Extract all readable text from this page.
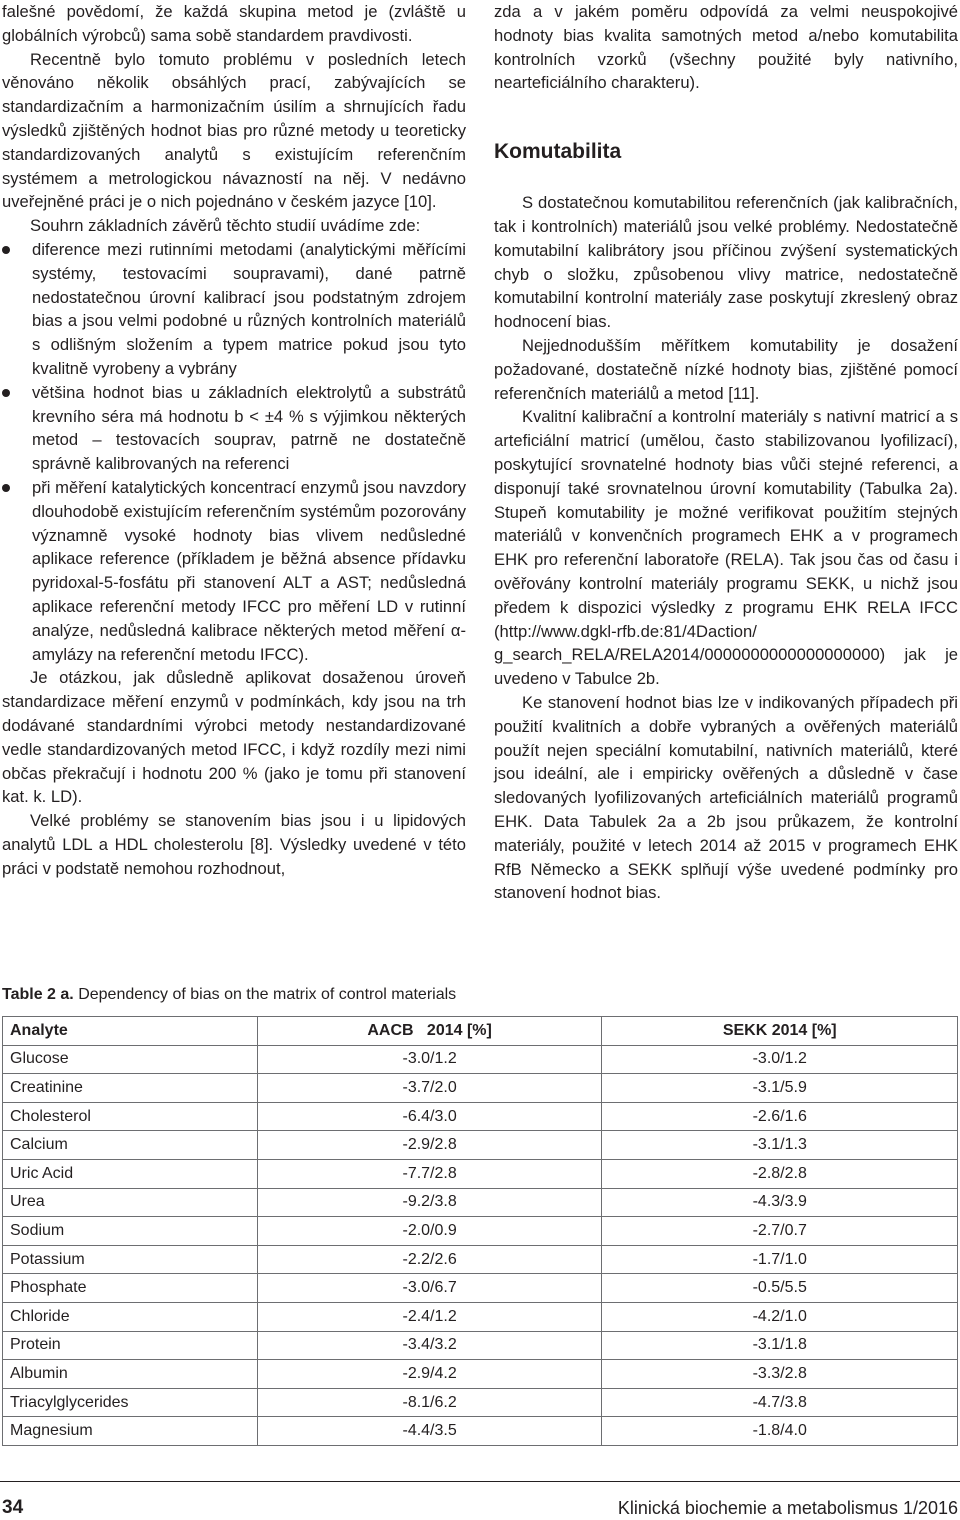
falešné povědomí, že každá skupina metod je (zvláště u globálních výrobců) sama sobě standardem pravdivosti.

Recentně bylo tomuto problému v posledních letech věnováno několik obsáhlých prací, zabývajících se standardizačním a harmonizačním úsilím a shrnujících řadu výsledků zjištěných hodnot bias pro různé metody u teoreticky standardizovaných analytů s existujícím referenčním systémem a metrologickou návazností na něj. V nedávno uveřejněné práci je o nich pojednáno v českém jazyce [10].

Souhrn základních závěrů těchto studií uvádíme zde:

diference mezi rutinními metodami (analytickými měřícími systémy, testovacími soupravami), dané patrně nedostatečnou úrovní kalibrací jsou podstatným zdrojem bias a jsou velmi podobné u různých kontrolních materiálů s odlišným složením a typem matrice pokud jsou tyto kvalitně vyrobeny a vybrány
většina hodnot bias u základních elektrolytů a substrátů krevního séra má hodnotu b < ±4 % s výjimkou některých metod – testovacích souprav, patrně ne dostatečně správně kalibrovaných na referenci
při měření katalytických koncentrací enzymů jsou navzdory dlouhodobě existujícím referenčním systémům pozorovány významně vysoké hodnoty bias vlivem nedůsledné aplikace reference (příkladem je běžná absence přídavku pyridoxal-5-fosfátu při stanovení ALT a AST; nedůsledná aplikace referenční metody IFCC pro měření LD v rutinní analýze, nedůsledná kalibrace některých metod měření α-amylázy na referenční metodu IFCC).

Je otázkou, jak důsledně aplikovat dosaženou úroveň standardizace měření enzymů v podmínkách, kdy jsou na trh dodávané standardními výrobci metody nestandardizované vedle standardizovaných metod IFCC, i když rozdíly mezi nimi občas překračují i hodnotu 200 % (jako je tomu při stanovení kat. k. LD).

Velké problémy se stanovením bias jsou i u lipidových analytů LDL a HDL cholesterolu [8]. Výsledky uvedené v této práci v podstatě nemohou rozhodnout,

zda a v jakém poměru odpovídá za velmi neuspokojivé hodnoty bias kvalita samotných metod a/nebo komutabilita kontrolních vzorků (všechny použité byly nativního, nearteficiálního charakteru).

Komutabilita

S dostatečnou komutabilitou referenčních (jak kalibračních, tak i kontrolních) materiálů jsou velké problémy. Nedostatečně komutabilní kalibrátory jsou příčinou zvýšení systematických chyb o složku, způsobenou vlivy matrice, nedostatečně komutabilní kontrolní materiály zase poskytují zkreslený obraz hodnocení bias.

Nejjednodušším měřítkem komutability je dosažení požadované, dostatečně nízké hodnoty bias, zjištěné pomocí referenčních materiálů a metod [11].

Kvalitní kalibrační a kontrolní materiály s nativní matricí a s arteficiální matricí (umělou, často stabilizovanou lyofilizací), poskytující srovnatelné hodnoty bias vůči stejné referenci, a disponují také srovnatelnou úrovní komutability (Tabulka 2a). Stupeň komutability je možné verifikovat použitím stejných materiálů v konvenčních programech EHK a v programech EHK pro referenční laboratoře (RELA). Tak jsou čas od času i ověřovány kontrolní materiály programu SEKK, u nichž jsou předem k dispozici výsledky z programu EHK RELA IFCC (http://www.dgkl-rfb.de:81/4Daction/ g_search_RELA/RELA2014/0000000000000000000) jak je uvedeno v Tabulce 2b.

Ke stanovení hodnot bias lze v indikovaných případech při použití kvalitních a dobře vybraných a ověřených materiálů použít nejen speciální komutabilní, nativních materiálů, které jsou ideální, ale i empiricky ověřených a důsledně v čase sledovaných lyofilizovaných arteficiálních materiálů programů EHK. Data Tabulek 2a a 2b jsou průkazem, že kontrolní materiály, použité v letech 2014 až 2015 v programech EHK RfB Německo a SEKK splňují výše uvedené podmínky pro stanovení hodnot bias.

Table 2 a. Dependency of bias on the matrix of control materials
Analyte	AACB   2014 [%]	SEKK 2014 [%]
Glucose	-3.0/1.2	-3.0/1.2
Creatinine	-3.7/2.0	-3.1/5.9
Cholesterol	-6.4/3.0	-2.6/1.6
Calcium	-2.9/2.8	-3.1/1.3
Uric Acid	-7.7/2.8	-2.8/2.8
Urea	-9.2/3.8	-4.3/3.9
Sodium	-2.0/0.9	-2.7/0.7
Potassium	-2.2/2.6	-1.7/1.0
Phosphate	-3.0/6.7	-0.5/5.5
Chloride	-2.4/1.2	-4.2/1.0
Protein	-3.4/3.2	-3.1/1.8
Albumin	-2.9/4.2	-3.3/2.8
Triacylglycerides	-8.1/6.2	-4.7/3.8
Magnesium	-4.4/3.5	-1.8/4.0
34	Klinická biochemie a metabolismus 1/2016
